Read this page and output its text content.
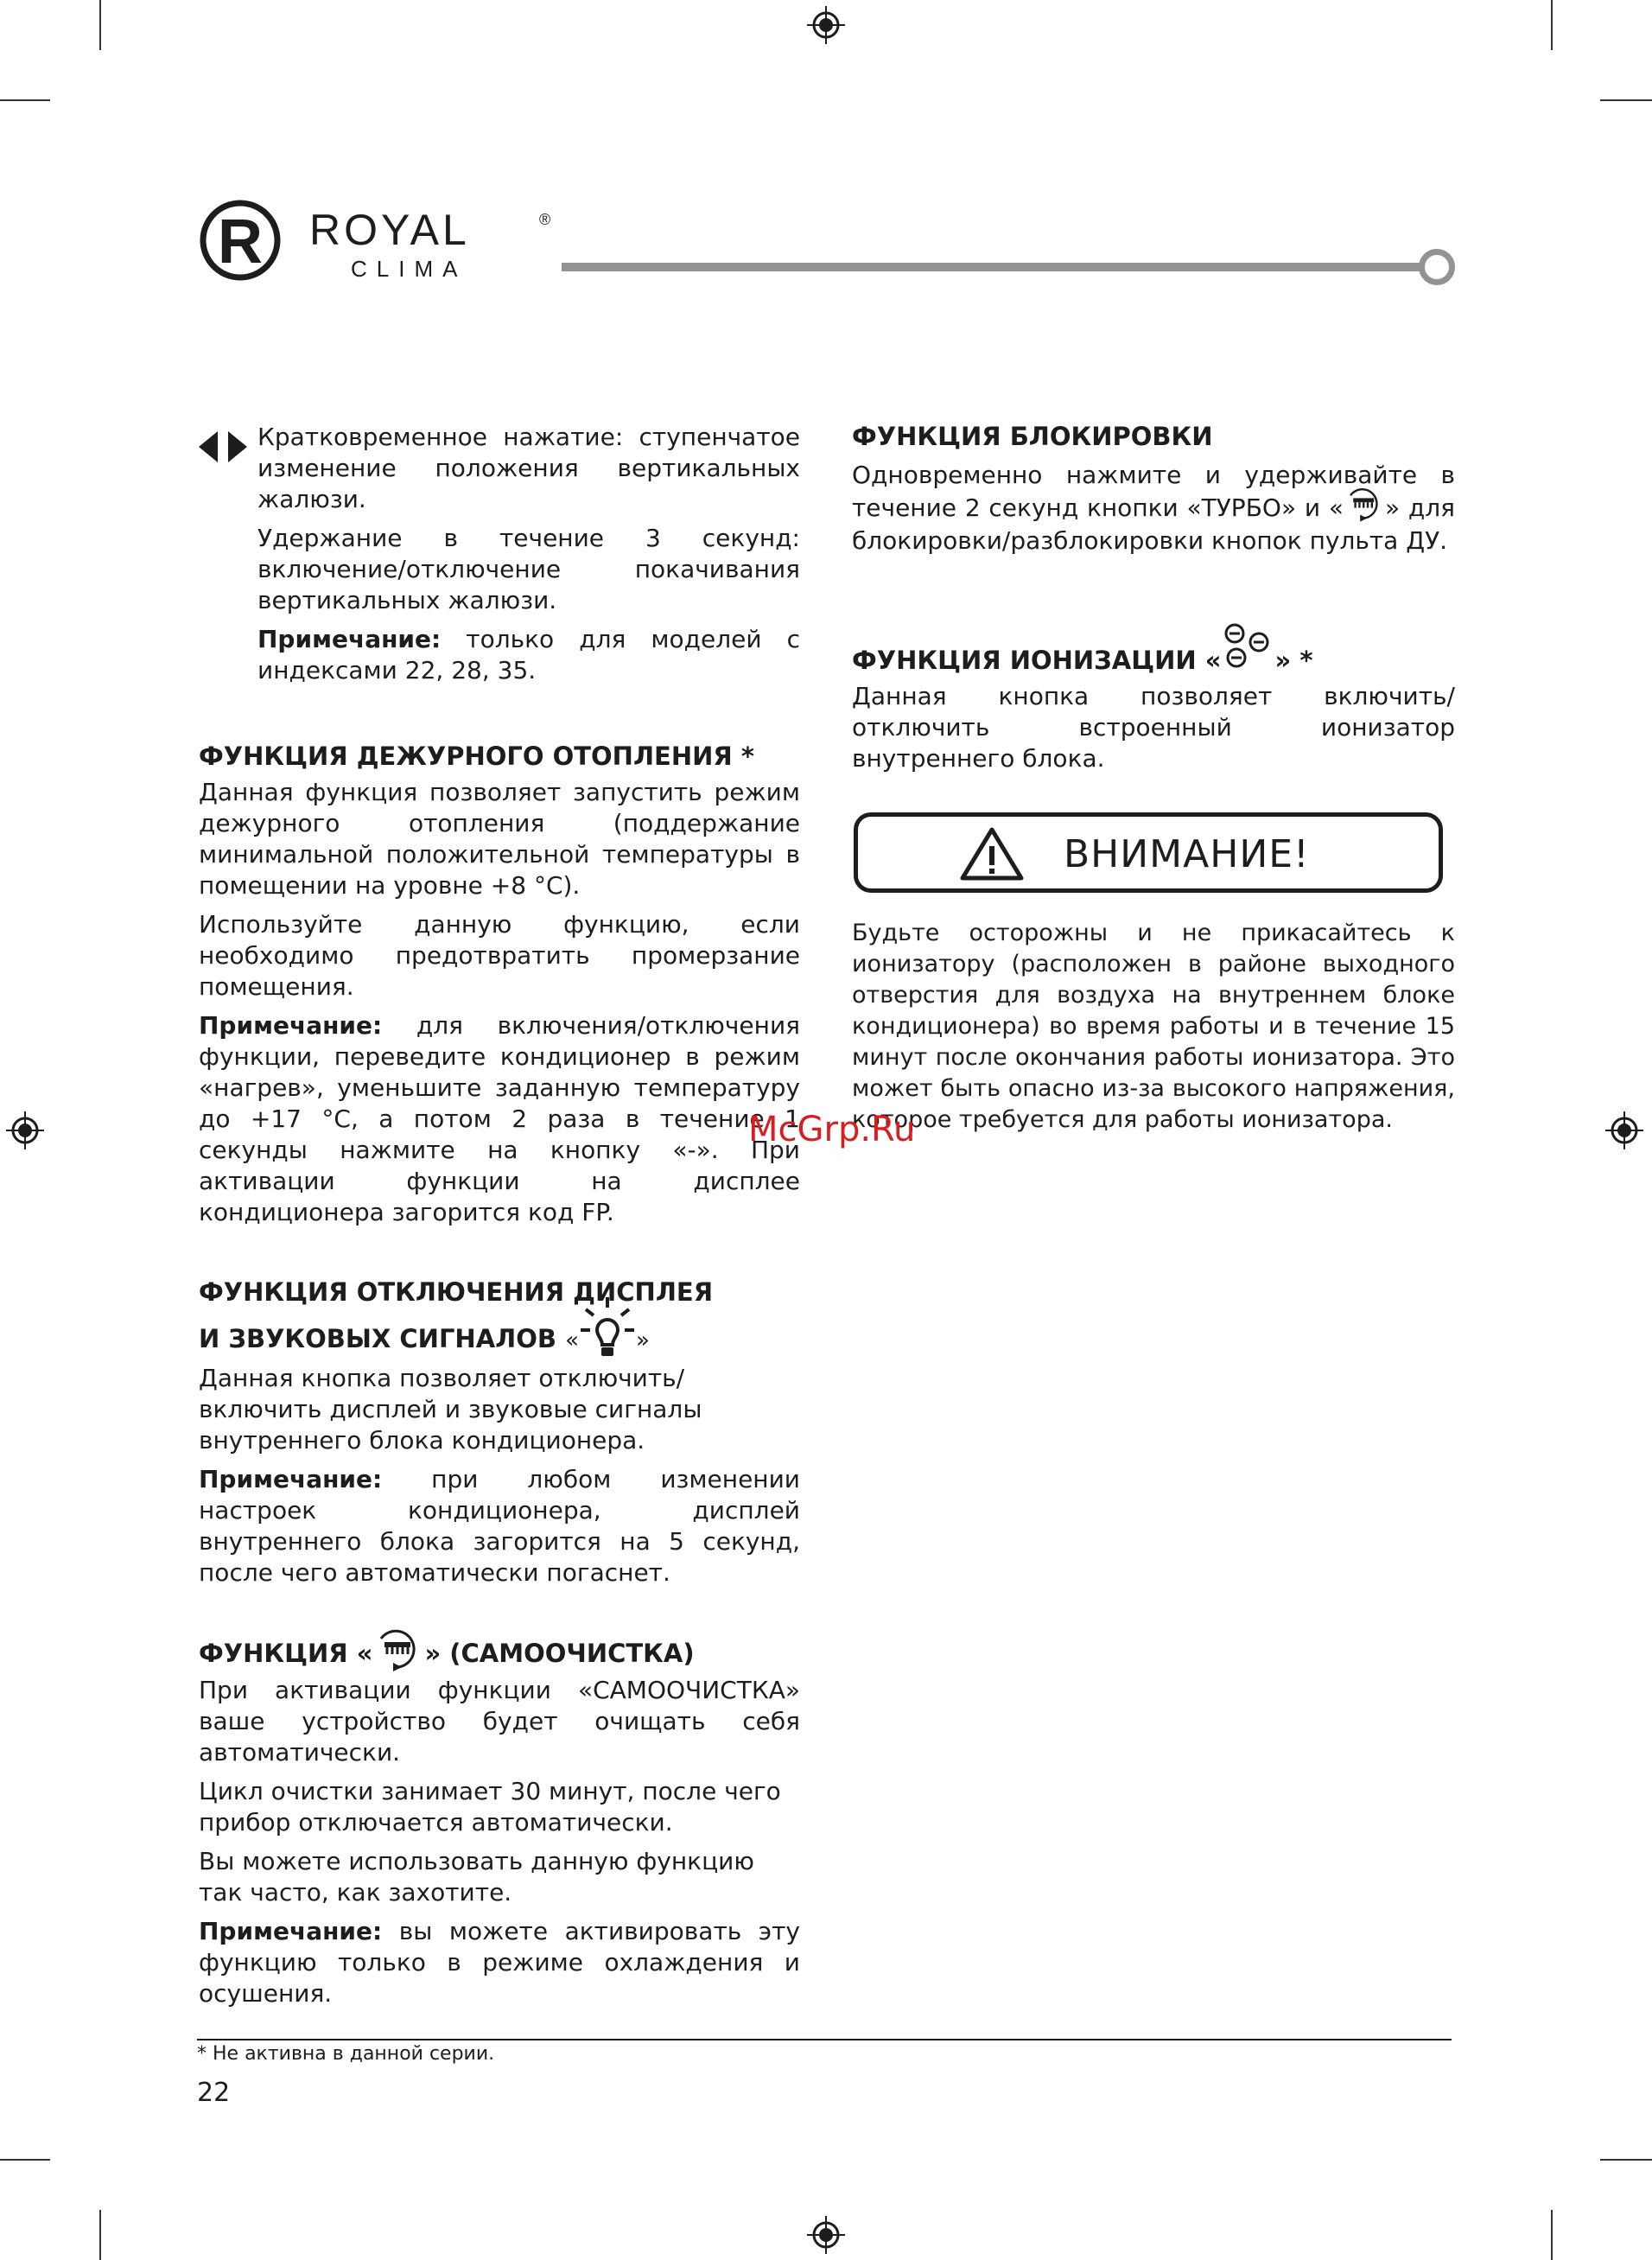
R ROYAL	®
CLIMA

Кратковременное нажатие: ступенчатое изменение положения вертикальных жалюзи.

Удержание в течение 3 секунд: включение/отключение покачивания вертикальных жалюзи.

Примечание: только для моделей с индексами 22, 28, 35.

ФУНКЦИЯ ДЕЖУРНОГО ОТОПЛЕНИЯ *

Данная функция позволяет запустить режим дежурного отопления (поддержание минимальной положительной температуры в помещении на уровне +8 °C).

Используйте данную функцию, если необходимо предотвратить промерзание помещения.

Примечание: для включения/отключения функции, переведите кондиционер в режим «нагрев», уменьшите заданную температуру до +17 °C, а потом 2 раза в течение 1 секунды нажмите на кнопку «-». При активации функции на дисплее кондиционера загорится код FP.

ФУНКЦИЯ ОТКЛЮЧЕНИЯ ДИСПЛЕЯ
И ЗВУКОВЫХ СИГНАЛОВ «	»

Данная кнопка позволяет отключить/включить дисплей и звуковые сигналы внутреннего блока кондиционера.

Примечание: при любом изменении настроек кондиционера, дисплей внутреннего блока загорится на 5 секунд, после чего автоматически погаснет.

ФУНКЦИЯ « » (САМООЧИСТКА)

При активации функции «САМООЧИСТКА» ваше устройство будет очищать себя автоматически.

Цикл очистки занимает 30 минут, после чего прибор отключается автоматически.

Вы можете использовать данную функцию так часто, как захотите.

Примечание: вы можете активировать эту функцию только в режиме охлаждения и осушения.

ФУНКЦИЯ БЛОКИРОВКИ

Одновременно нажмите и удерживайте в течение 2 секунд кнопки «ТУРБО» и « » для блокировки/разблокировки кнопок пульта ДУ.

ФУНКЦИЯ ИОНИЗАЦИИ « » *

Данная кнопка позволяет включить/отключить встроенный ионизатор внутреннего блока.

ВНИМАНИЕ!

Будьте осторожны и не прикасайтесь к ионизатору (расположен в районе выходного отверстия для воздуха на внутреннем блоке кондиционера) во время работы и в течение 15 минут после окончания работы ионизатора. Это может быть опасно из-за высокого напряжения, которое требуется для работы ионизатора.

McGrp.Ru
* Не активна в данной серии.
22
